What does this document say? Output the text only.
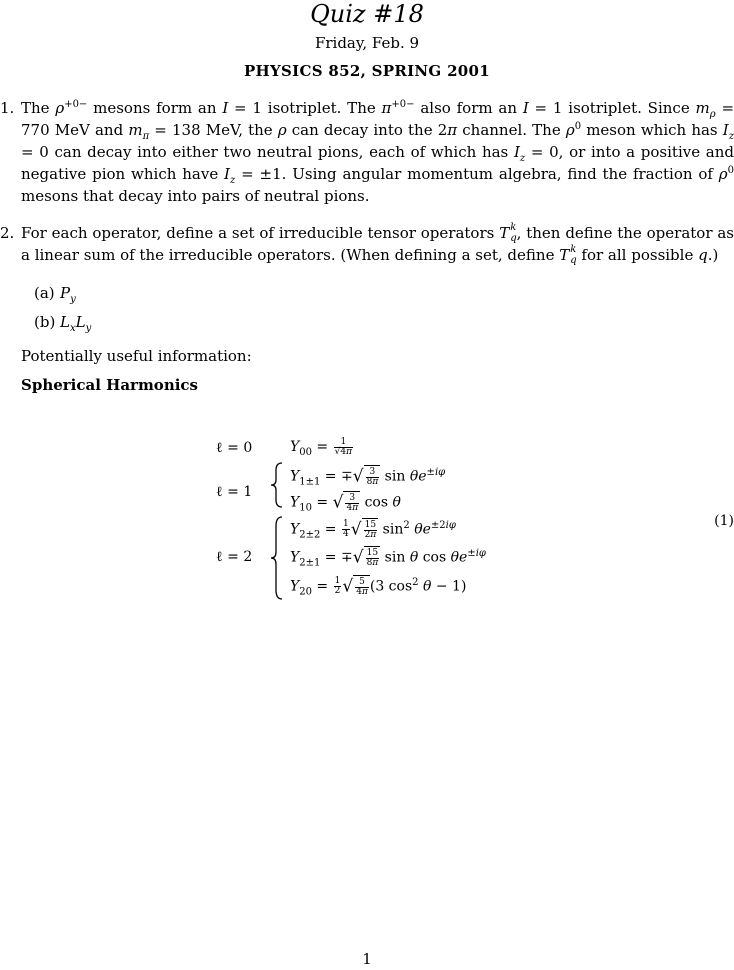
Quiz #18
Friday, Feb. 9
PHYSICS 852, SPRING 2001
1. The $\rho^{+0-}$ mesons form an I = 1 isotriplet. The $\pi^{+0-}$ also form an I = 1 isotriplet. Since $m_\rho = 770$ MeV and $m_\pi = 138$ MeV, the ρ can decay into the 2π channel. The $\rho^0$ meson which has $I_z = 0$ can decay into either two neutral pions, each of which has $I_z = 0$, or into a positive and negative pion which have $I_z = \pm 1$. Using angular momentum algebra, find the fraction of $\rho^0$ mesons that decay into pairs of neutral pions.

2. For each operator, define a set of irreducible tensor operators T k
q , then define the operator as a linear sum of the irreducible operators. (When defining a set, define T k
q for all possible q.)

(a) $P_y$
(b) $L_xL_y$
Potentially useful information:
Spherical Harmonics
ℓ = 0
ℓ = 1
ℓ = 2
$Y_{00} = \frac{1}{√4\pi}$
$Y_{1\pm 1}$ = ∓√ $\frac{3}{8\pi}$ $\sin \theta e^{\pm i\varphi}$
$Y_{10}$ = √ $\frac{3}{4\pi}$ cos θ
$Y_{2\pm 2} = \frac{1}{4}$ √ $\frac{15}{2\pi} \sin^2 \theta e^{\pm 2i\varphi}$
$Y_{2\pm 1}$ = ∓√ $\frac{15}{8\pi}$ sin θ $\cos \theta e^{\pm i\varphi}$
$Y_{20} = \frac{1}{2}$ √ $\frac{5}{4\pi} (3$ $\cos^2 \theta - 1$)
(1)
1
